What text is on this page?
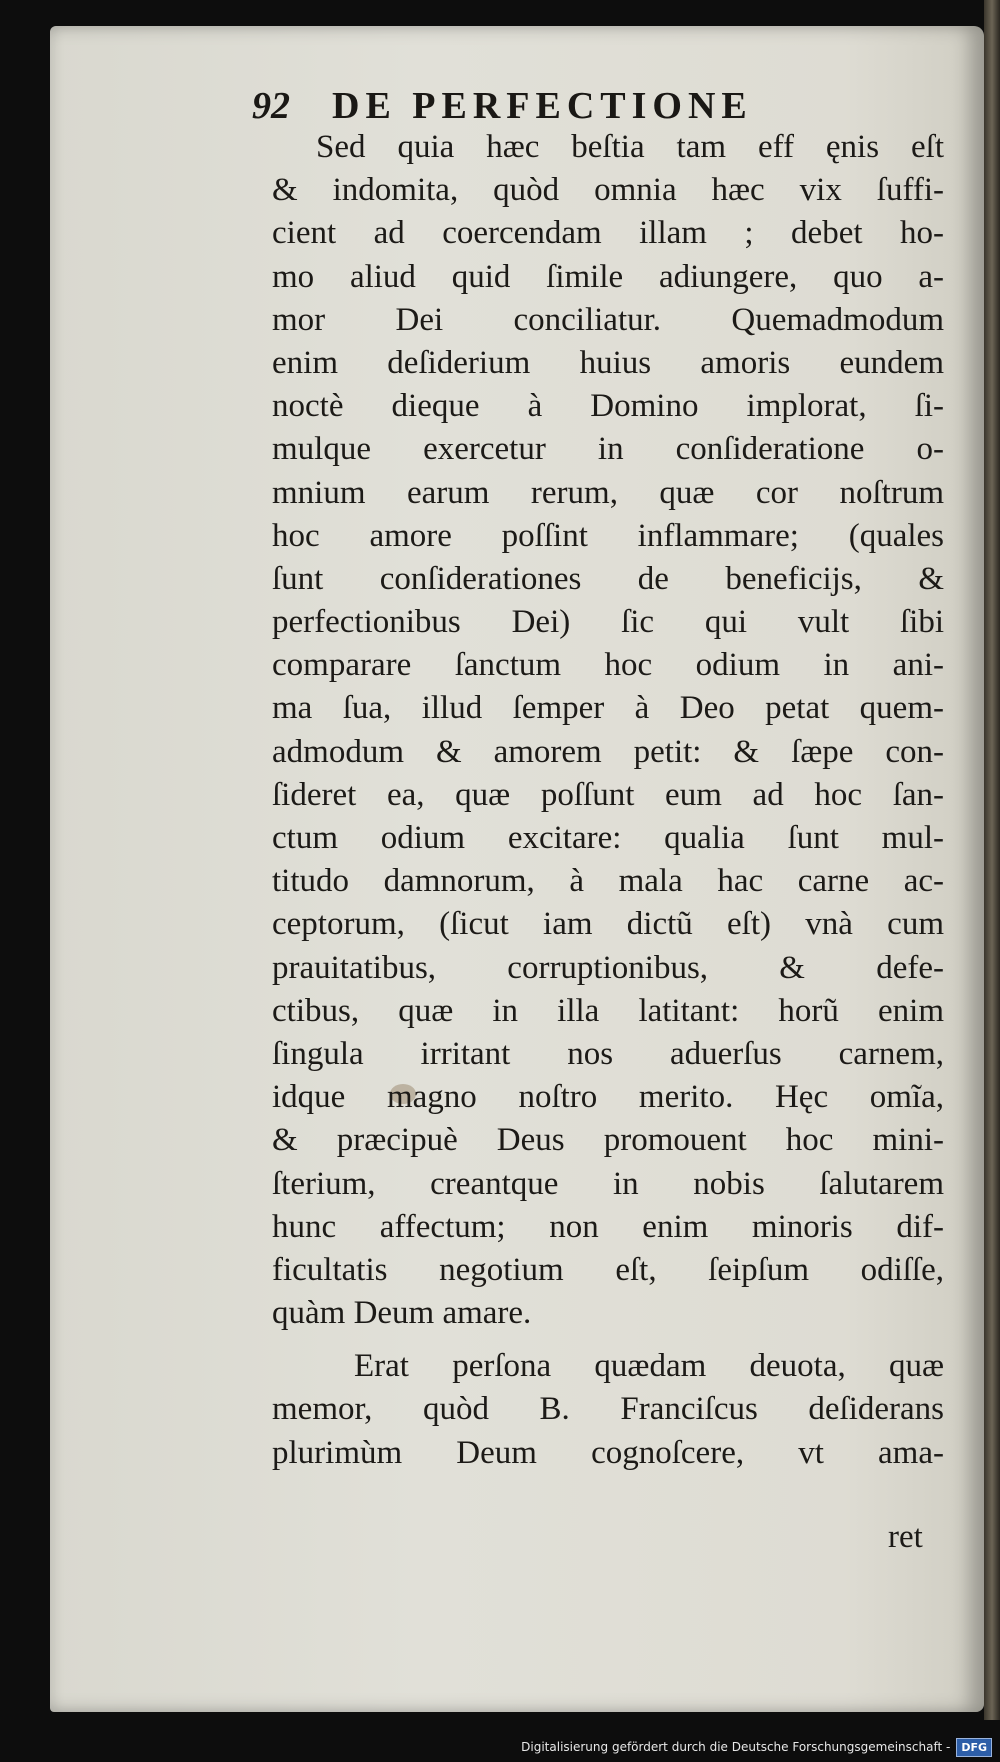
92 DE PERFECTIONE
Sed quia hæc beſtia tam eff ęnis eſt
& indomita, quòd omnia hæc vix ſuffi-
cient ad coercendam illam ; debet ho-
mo aliud quid ſimile adiungere, quo a-
mor Dei conciliatur. Quemadmodum
enim deſiderium huius amoris eundem
noctè dieque à Domino implorat, ſi-
mulque exercetur in conſideratione o-
mnium earum rerum, quæ cor noſtrum
hoc amore poſſint inflammare; (quales
ſunt conſiderationes de beneficijs, &
perfectionibus Dei) ſic qui vult ſibi
comparare ſanctum hoc odium in ani-
ma ſua, illud ſemper à Deo petat quem-
admodum & amorem petit: & ſæpe con-
ſideret ea, quæ poſſunt eum ad hoc ſan-
ctum odium excitare: qualia ſunt mul-
titudo damnorum, à mala hac carne ac-
ceptorum, (ſicut iam dictũ eſt) vnà cum
prauitatibus, corruptionibus, & defe-
ctibus, quæ in illa latitant: horũ enim
ſingula irritant nos aduerſus carnem,
idque magno noſtro merito. Hęc omĩa,
& præcipuè Deus promouent hoc mini-
ſterium, creantque in nobis ſalutarem
hunc affectum; non enim minoris dif-
ficultatis negotium eſt, ſeipſum odiſſe,
quàm Deum amare.
Erat perſona quædam deuota, quæ
memor, quòd B. Franciſcus deſiderans
plurimùm Deum cognoſcere, vt ama-
ret
Digitalisierung gefördert durch die Deutsche Forschungsgemeinschaft -	DFG
